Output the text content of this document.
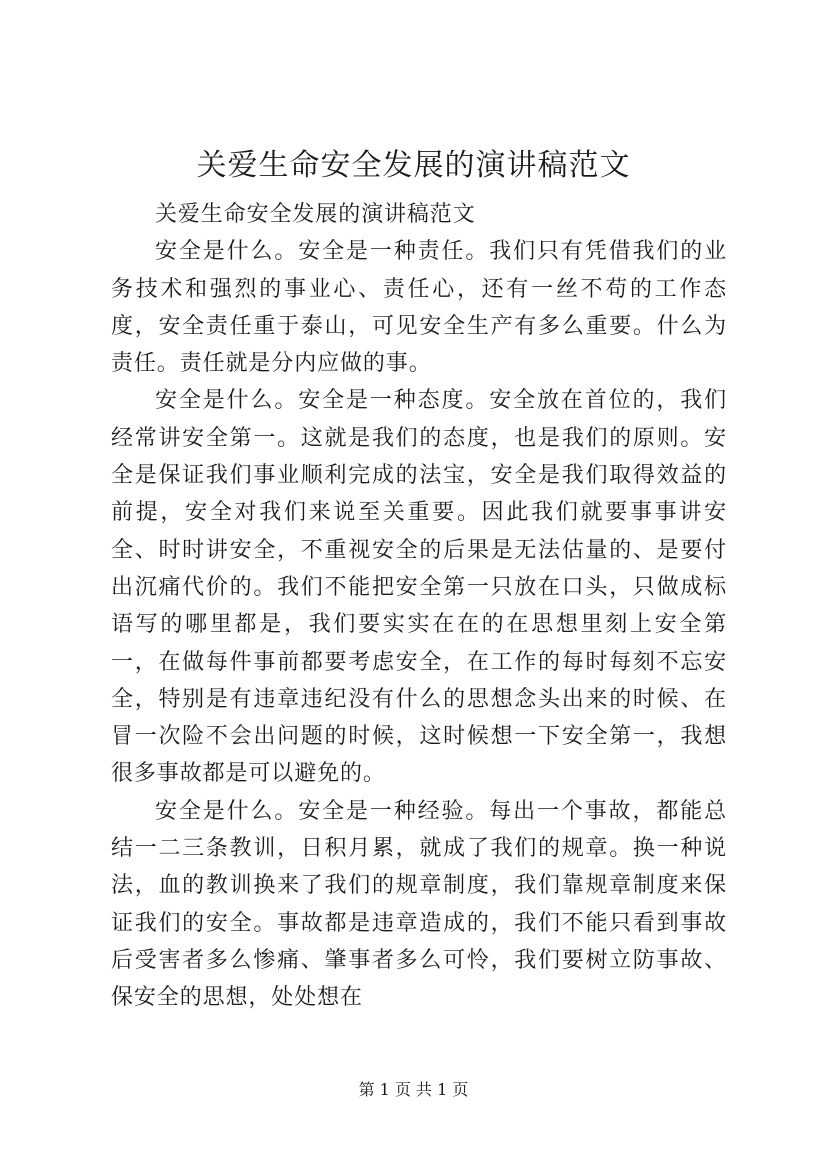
关爱生命安全发展的演讲稿范文

关爱生命安全发展的演讲稿范文

安全是什么。安全是一种责任。我们只有凭借我们的业务技术和强烈的事业心、责任心，还有一丝不苟的工作态度，安全责任重于泰山，可见安全生产有多么重要。什么为责任。责任就是分内应做的事。

安全是什么。安全是一种态度。安全放在首位的，我们经常讲安全第一。这就是我们的态度，也是我们的原则。安全是保证我们事业顺利完成的法宝，安全是我们取得效益的前提，安全对我们来说至关重要。因此我们就要事事讲安全、时时讲安全，不重视安全的后果是无法估量的、是要付出沉痛代价的。我们不能把安全第一只放在口头，只做成标语写的哪里都是，我们要实实在在的在思想里刻上安全第一，在做每件事前都要考虑安全，在工作的每时每刻不忘安全，特别是有违章违纪没有什么的思想念头出来的时候、在冒一次险不会出问题的时候，这时候想一下安全第一，我想很多事故都是可以避免的。

安全是什么。安全是一种经验。每出一个事故，都能总结一二三条教训，日积月累，就成了我们的规章。换一种说法，血的教训换来了我们的规章制度，我们靠规章制度来保证我们的安全。事故都是违章造成的，我们不能只看到事故后受害者多么惨痛、肇事者多么可怜，我们要树立防事故、保安全的思想，处处想在

第 1 页 共 1 页
